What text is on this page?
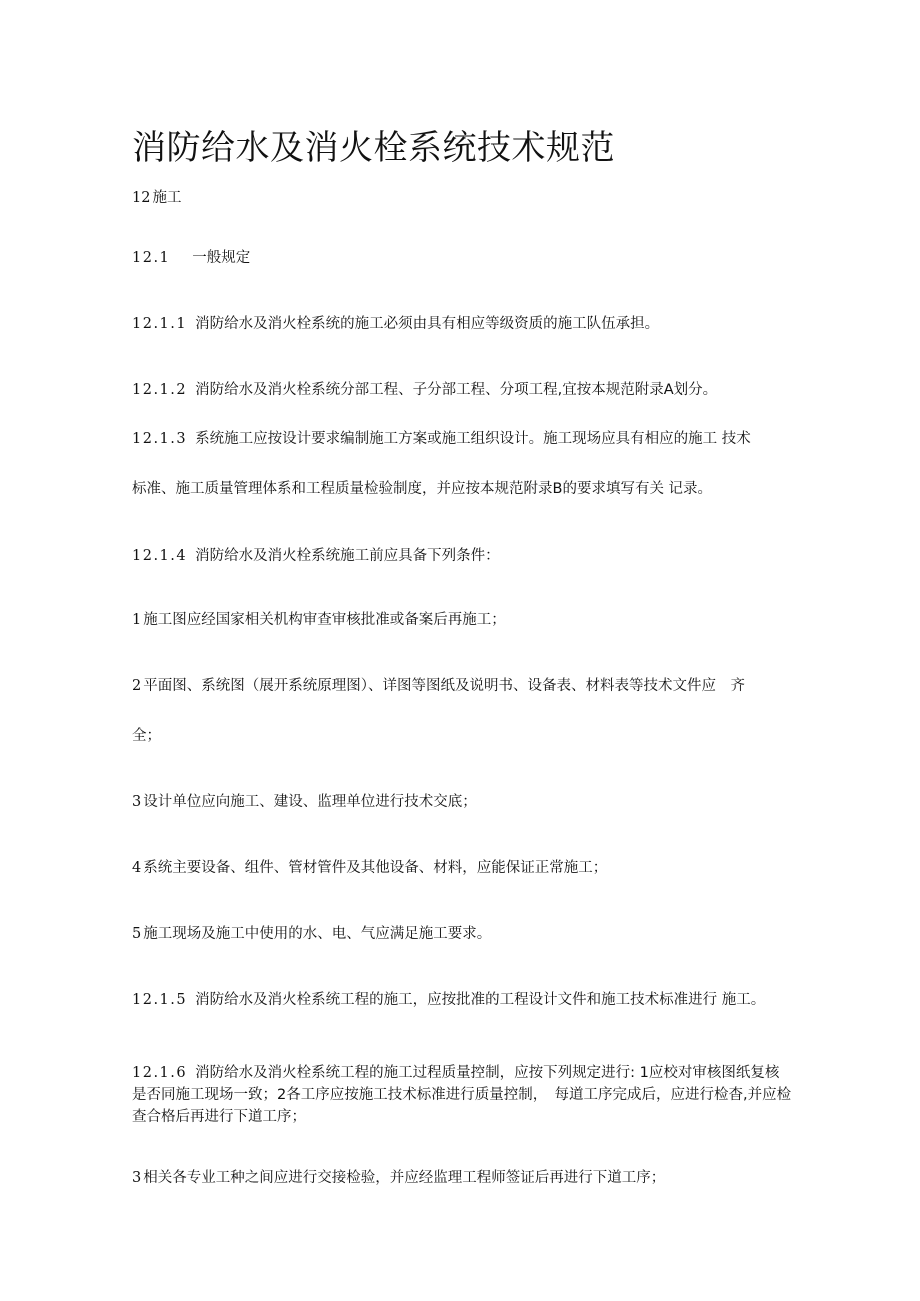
消防给水及消火栓系统技术规范
12 施工
12.1 一般规定
12.1.1 消防给水及消火栓系统的施工必须由具有相应等级资质的施工队伍承担。
12.1.2 消防给水及消火栓系统分部工程、子分部工程、分项工程,宜按本规范附录A划分。
12.1.3 系统施工应按设计要求编制施工方案或施工组织设计。施工现场应具有相应的施工 技术
标准、施工质量管理体系和工程质量检验制度，并应按本规范附录B的要求填写有关 记录。
12.1.4 消防给水及消火栓系统施工前应具备下列条件：
1 施工图应经国家相关机构审查审核批准或备案后再施工；
2 平面图、系统图（展开系统原理图）、详图等图纸及说明书、设备表、材料表等技术文件应　齐
全；
3 设计单位应向施工、建设、监理单位进行技术交底；
4 系统主要设备、组件、管材管件及其他设备、材料，应能保证正常施工；
5 施工现场及施工中使用的水、电、气应满足施工要求。
12.1.5 消防给水及消火栓系统工程的施工，应按批准的工程设计文件和施工技术标准进行 施工。
12.1.6 消防给水及消火栓系统工程的施工过程质量控制，应按下列规定进行: 1应校对审核图纸复核是否同施工现场一致；2各工序应按施工技术标准进行质量控制，　每道工序完成后，应进行检杳,并应检查合格后再进行下道工序；
3 相关各专业工种之间应进行交接检验，并应经监理工程师签证后再进行下道工序；
